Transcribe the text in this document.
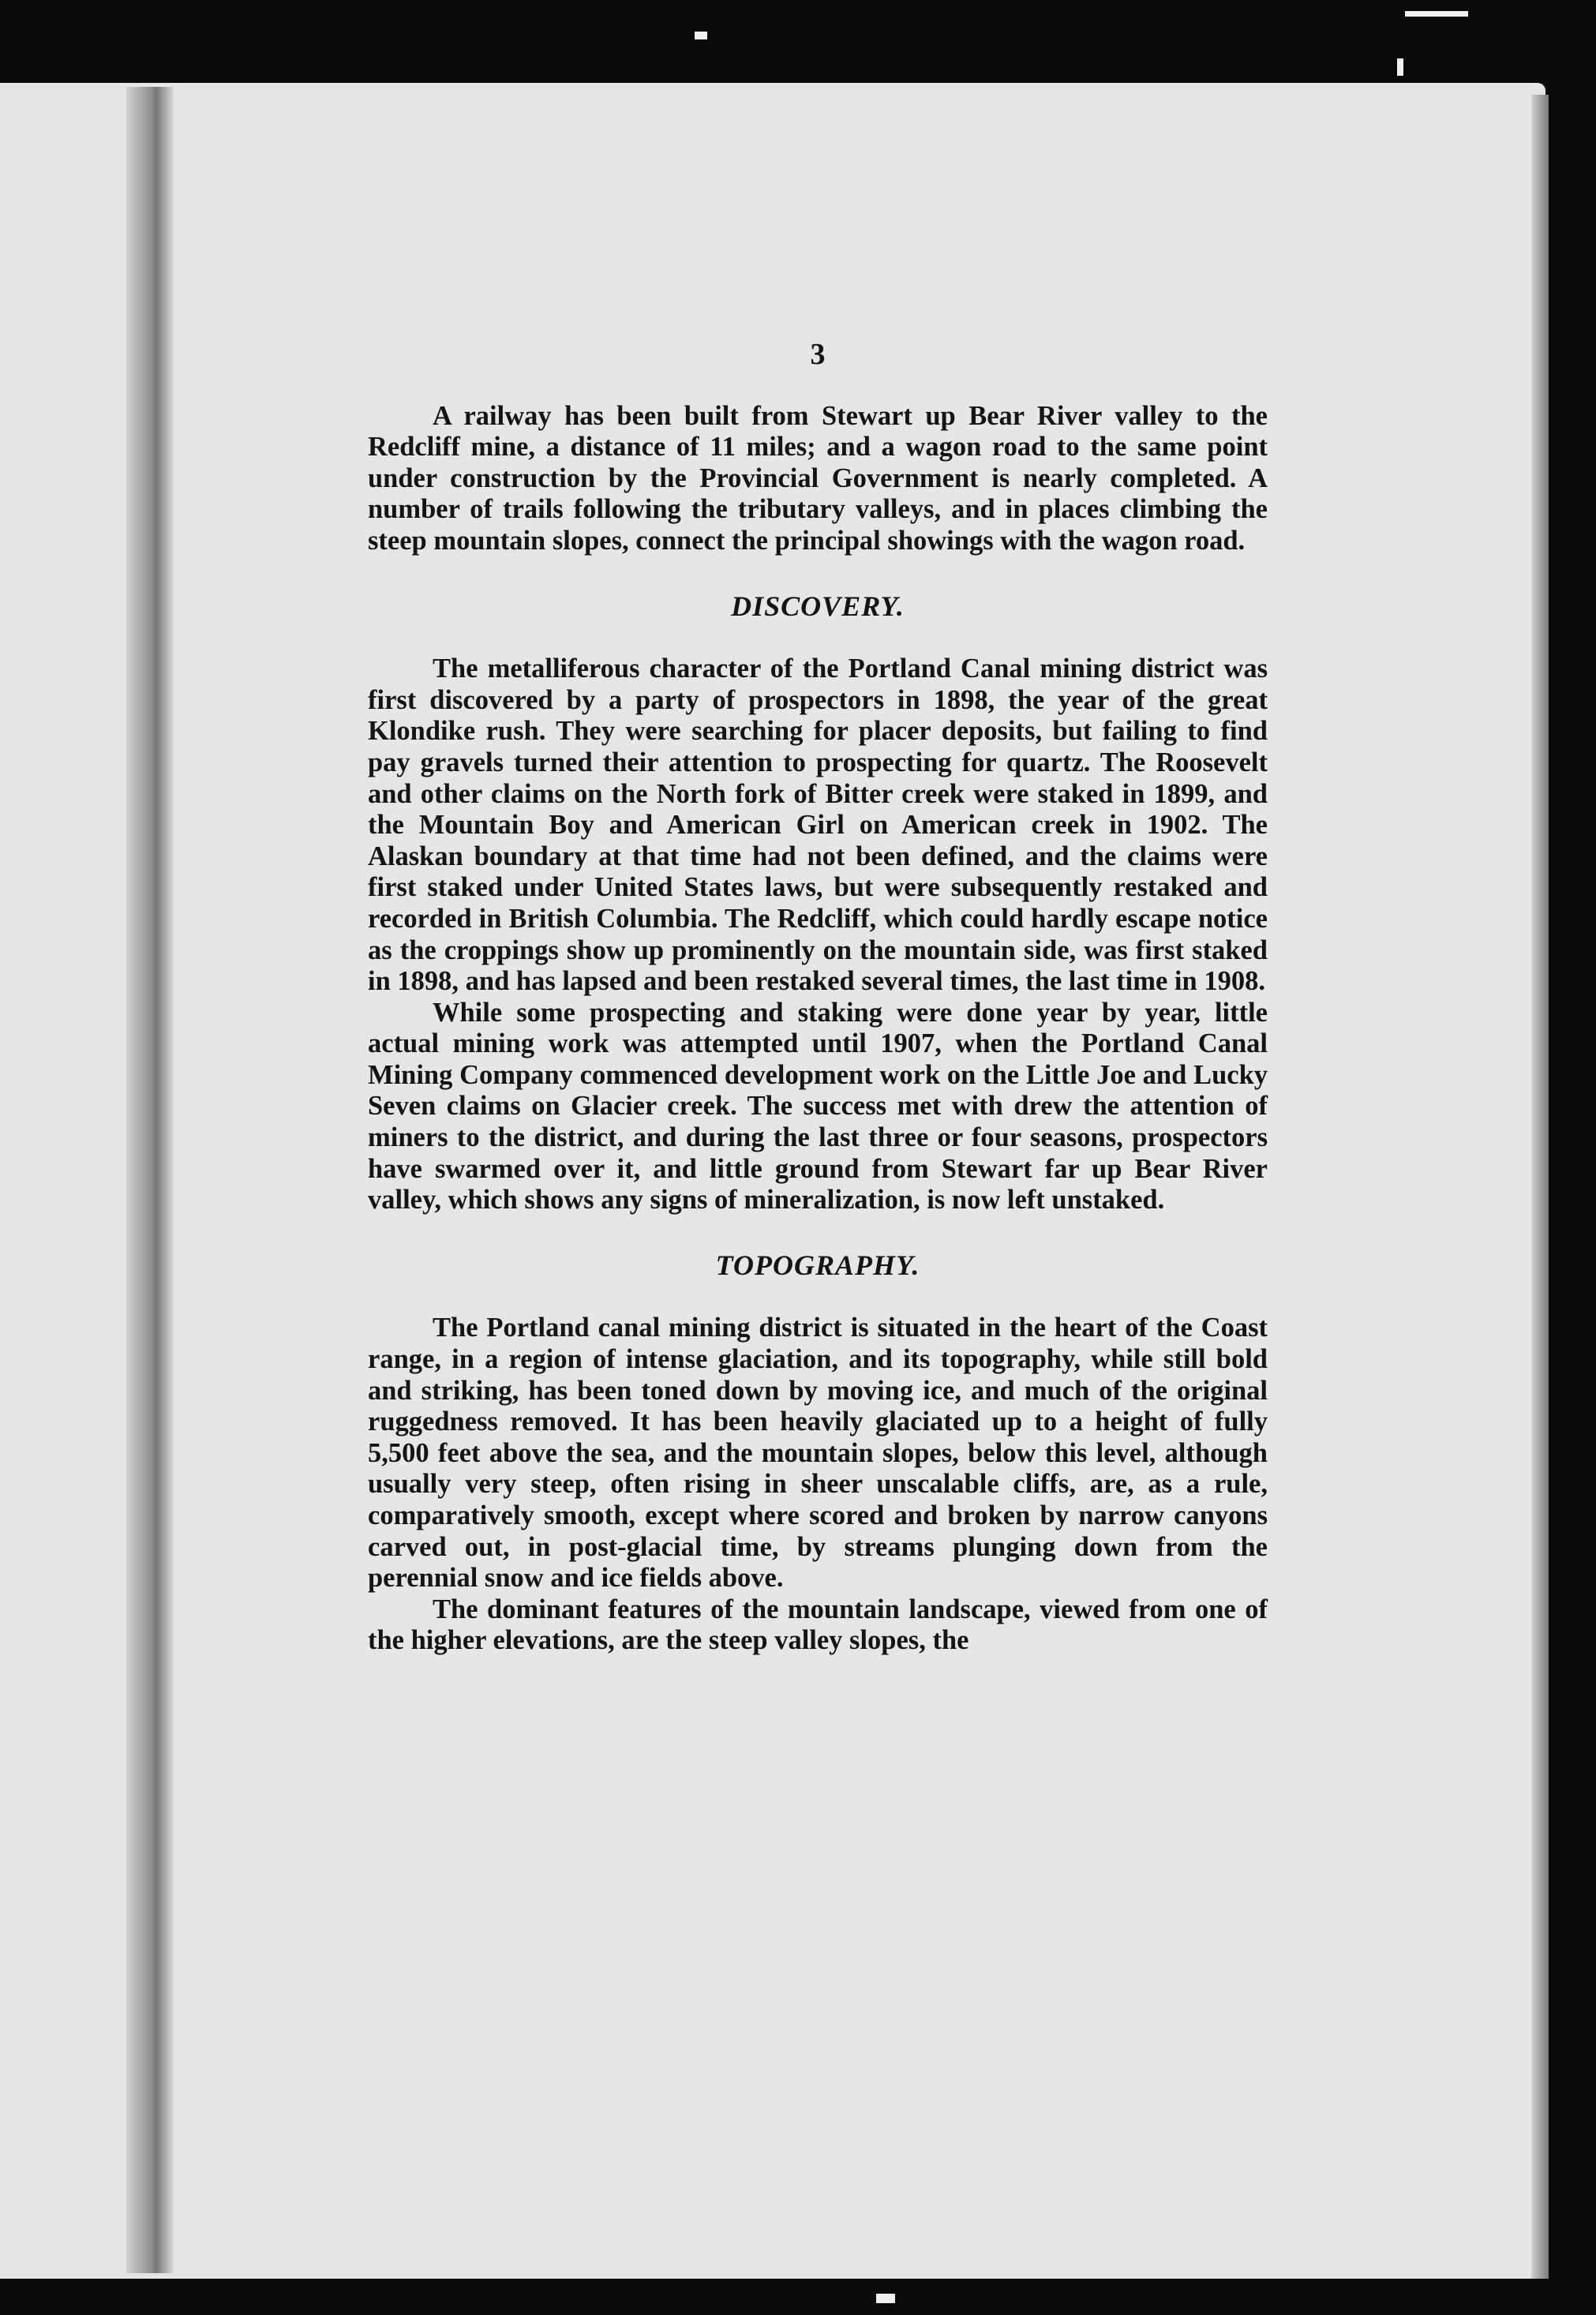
3

A railway has been built from Stewart up Bear River valley to the Redcliff mine, a distance of 11 miles; and a wagon road to the same point under construction by the Provincial Government is nearly completed. A number of trails following the tributary valleys, and in places climbing the steep mountain slopes, connect the principal showings with the wagon road.

DISCOVERY.

The metalliferous character of the Portland Canal mining district was first discovered by a party of prospectors in 1898, the year of the great Klondike rush. They were searching for placer deposits, but failing to find pay gravels turned their attention to prospecting for quartz. The Roosevelt and other claims on the North fork of Bitter creek were staked in 1899, and the Mountain Boy and American Girl on American creek in 1902. The Alaskan boundary at that time had not been defined, and the claims were first staked under United States laws, but were subsequently restaked and recorded in British Columbia. The Redcliff, which could hardly escape notice as the croppings show up prominently on the mountain side, was first staked in 1898, and has lapsed and been restaked several times, the last time in 1908.

While some prospecting and staking were done year by year, little actual mining work was attempted until 1907, when the Portland Canal Mining Company commenced development work on the Little Joe and Lucky Seven claims on Glacier creek. The success met with drew the attention of miners to the district, and during the last three or four seasons, prospectors have swarmed over it, and little ground from Stewart far up Bear River valley, which shows any signs of mineralization, is now left unstaked.

TOPOGRAPHY.

The Portland canal mining district is situated in the heart of the Coast range, in a region of intense glaciation, and its topography, while still bold and striking, has been toned down by moving ice, and much of the original ruggedness removed. It has been heavily glaciated up to a height of fully 5,500 feet above the sea, and the mountain slopes, below this level, although usually very steep, often rising in sheer unscalable cliffs, are, as a rule, comparatively smooth, except where scored and broken by narrow canyons carved out, in post-glacial time, by streams plunging down from the perennial snow and ice fields above.

The dominant features of the mountain landscape, viewed from one of the higher elevations, are the steep valley slopes, the
